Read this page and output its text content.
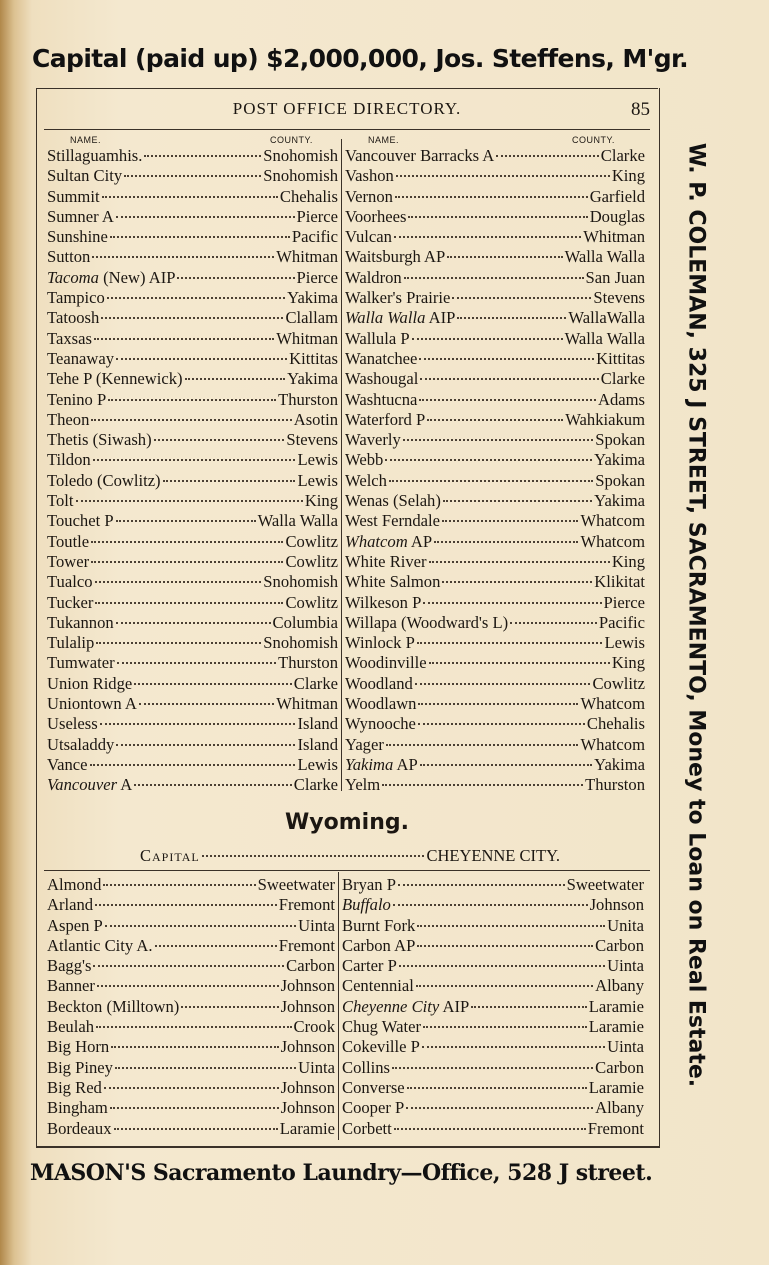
Capital (paid up) $2,000,000, Jos. Steffens, M'gr.
W. P. COLEMAN, 325 J STREET, SACRAMENTO, Money to Loan on Real Estate.
MASON'S Sacramento Laundry—Office, 528 J street.
POST OFFICE DIRECTORY.	85
NAME.	COUNTY.	NAME.	COUNTY.
Stillaguamhis.	Snohomish
Sultan City	Snohomish
Summit	Chehalis
Sumner A	Pierce
Sunshine	Pacific
Sutton	Whitman
Tacoma (New) AIP	Pierce
Tampico	Yakima
Tatoosh	Clallam
Taxsas	Whitman
Teanaway	Kittitas
Tehe P (Kennewick)	Yakima
Tenino P	Thurston
Theon	Asotin
Thetis (Siwash)	Stevens
Tildon	Lewis
Toledo (Cowlitz)	Lewis
Tolt	King
Touchet P	Walla Walla
Toutle	Cowlitz
Tower	Cowlitz
Tualco	Snohomish
Tucker	Cowlitz
Tukannon	Columbia
Tulalip	Snohomish
Tumwater	Thurston
Union Ridge	Clarke
Uniontown A	Whitman
Useless	Island
Utsaladdy	Island
Vance	Lewis
Vancouver A	Clarke
Vancouver Barracks A	Clarke
Vashon	King
Vernon	Garfield
Voorhees	Douglas
Vulcan	Whitman
Waitsburgh AP	Walla Walla
Waldron	San Juan
Walker's Prairie	Stevens
Walla Walla AIP	WallaWalla
Wallula P	Walla Walla
Wanatchee	Kittitas
Washougal	Clarke
Washtucna	Adams
Waterford P	Wahkiakum
Waverly	Spokan
Webb	Yakima
Welch	Spokan
Wenas (Selah)	Yakima
West Ferndale	Whatcom
Whatcom AP	Whatcom
White River	King
White Salmon	Klikitat
Wilkeson P	Pierce
Willapa (Woodward's L)	Pacific
Winlock P	Lewis
Woodinville	King
Woodland	Cowlitz
Woodlawn	Whatcom
Wynooche	Chehalis
Yager	Whatcom
Yakima AP	Yakima
Yelm	Thurston
Wyoming.
Capital	CHEYENNE CITY.
Almond	Sweetwater
Arland	Fremont
Aspen P	Uinta
Atlantic City A.	Fremont
Bagg's	Carbon
Banner	Johnson
Beckton (Milltown)	Johnson
Beulah	Crook
Big Horn	Johnson
Big Piney	Uinta
Big Red	Johnson
Bingham	Johnson
Bordeaux	Laramie
Bryan P	Sweetwater
Buffalo	Johnson
Burnt Fork	Unita
Carbon AP	Carbon
Carter P	Uinta
Centennial	Albany
Cheyenne City AIP	Laramie
Chug Water	Laramie
Cokeville P	Uinta
Collins	Carbon
Converse	Laramie
Cooper P	Albany
Corbett	Fremont
